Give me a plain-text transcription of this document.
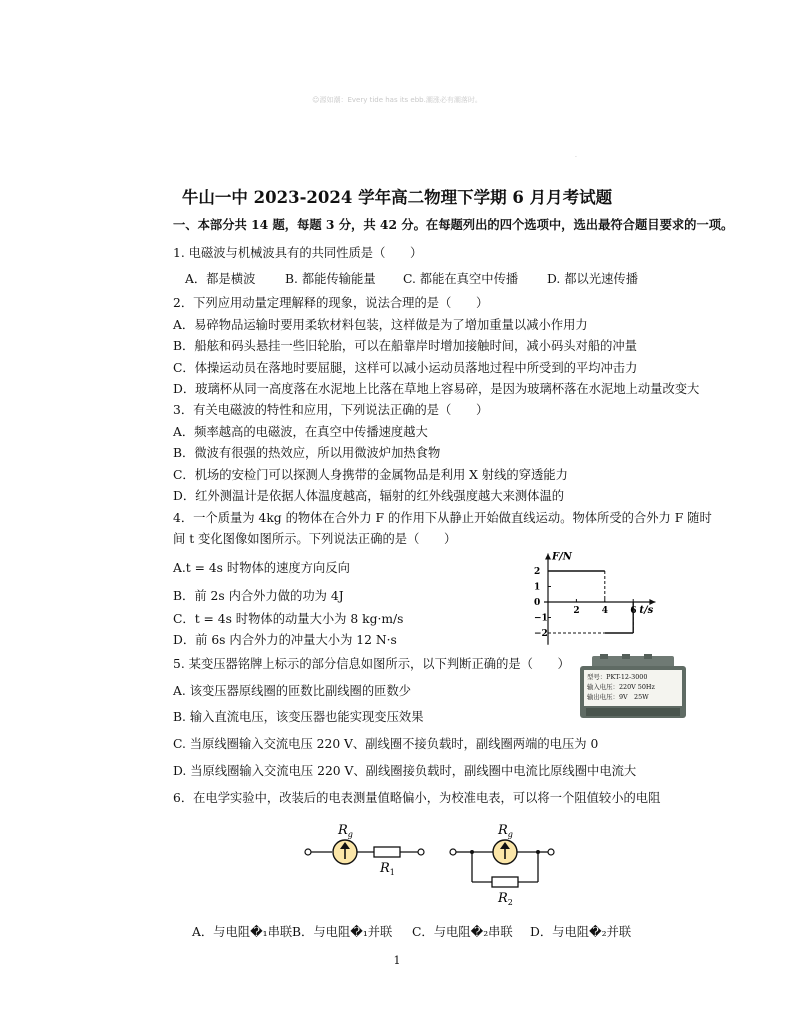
☺源如潮：Every tide has its ebb.潮涨必有潮落时。
.
牛山一中 2023-2024 学年高二物理下学期 6 月月考试题
一、本部分共 14 题，每题 3 分，共 42 分。在每题列出的四个选项中，选出最符合题目要求的一项。
1. 电磁波与机械波具有的共同性质是（　　）
A．都是横波 B. 都能传输能量 C. 都能在真空中传播 D. 都以光速传播
2．下列应用动量定理解释的现象，说法合理的是（　　）
A．易碎物品运输时要用柔软材料包装，这样做是为了增加重量以减小作用力
B．船舷和码头悬挂一些旧轮胎，可以在船靠岸时增加接触时间，减小码头对船的冲量
C．体操运动员在落地时要屈腿，这样可以减小运动员落地过程中所受到的平均冲击力
D．玻璃杯从同一高度落在水泥地上比落在草地上容易碎，是因为玻璃杯落在水泥地上动量改变大
3．有关电磁波的特性和应用，下列说法正确的是（　　）
A．频率越高的电磁波，在真空中传播速度越大
B．微波有很强的热效应，所以用微波炉加热食物
C．机场的安检门可以探测人身携带的金属物品是利用 X 射线的穿透能力
D．红外测温计是依据人体温度越高，辐射的红外线强度越大来测体温的
4．一个质量为 4kg 的物体在合外力 F 的作用下从静止开始做直线运动。物体所受的合外力 F 随时
间 t 变化图像如图所示。下列说法正确的是（　　）
A.t = 4s 时物体的速度方向反向
B．前 2s 内合外力做的功为 4J
C．t = 4s 时物体的动量大小为 8 kg·m/s
D．前 6s 内合外力的冲量大小为 12 N·s
2 4 6
2
1
0
−1
−2
F/N
t/s
5. 某变压器铭牌上标示的部分信息如图所示，以下判断正确的是（　　）
A. 该变压器原线圈的匝数比副线圈的匝数少
B. 输入直流电压，该变压器也能实现变压效果
C. 当原线圈输入交流电压 220 V、副线圈不接负载时，副线圈两端的电压为 0
D. 当原线圈输入交流电压 220 V、副线圈接负载时，副线圈中电流比原线圈中电流大
型号：PKT-12-3000
输入电压：220V 50Hz
输出电压：9V　25W
6．在电学实验中，改装后的电表测量值略偏小，为校准电表，可以将一个阻值较小的电阻
$R_g$
$R_1$
$R_g$
$R_2$
A．与电阻�₁串联 B．与电阻�₁并联 C．与电阻�₂串联 D．与电阻�₂并联
1
